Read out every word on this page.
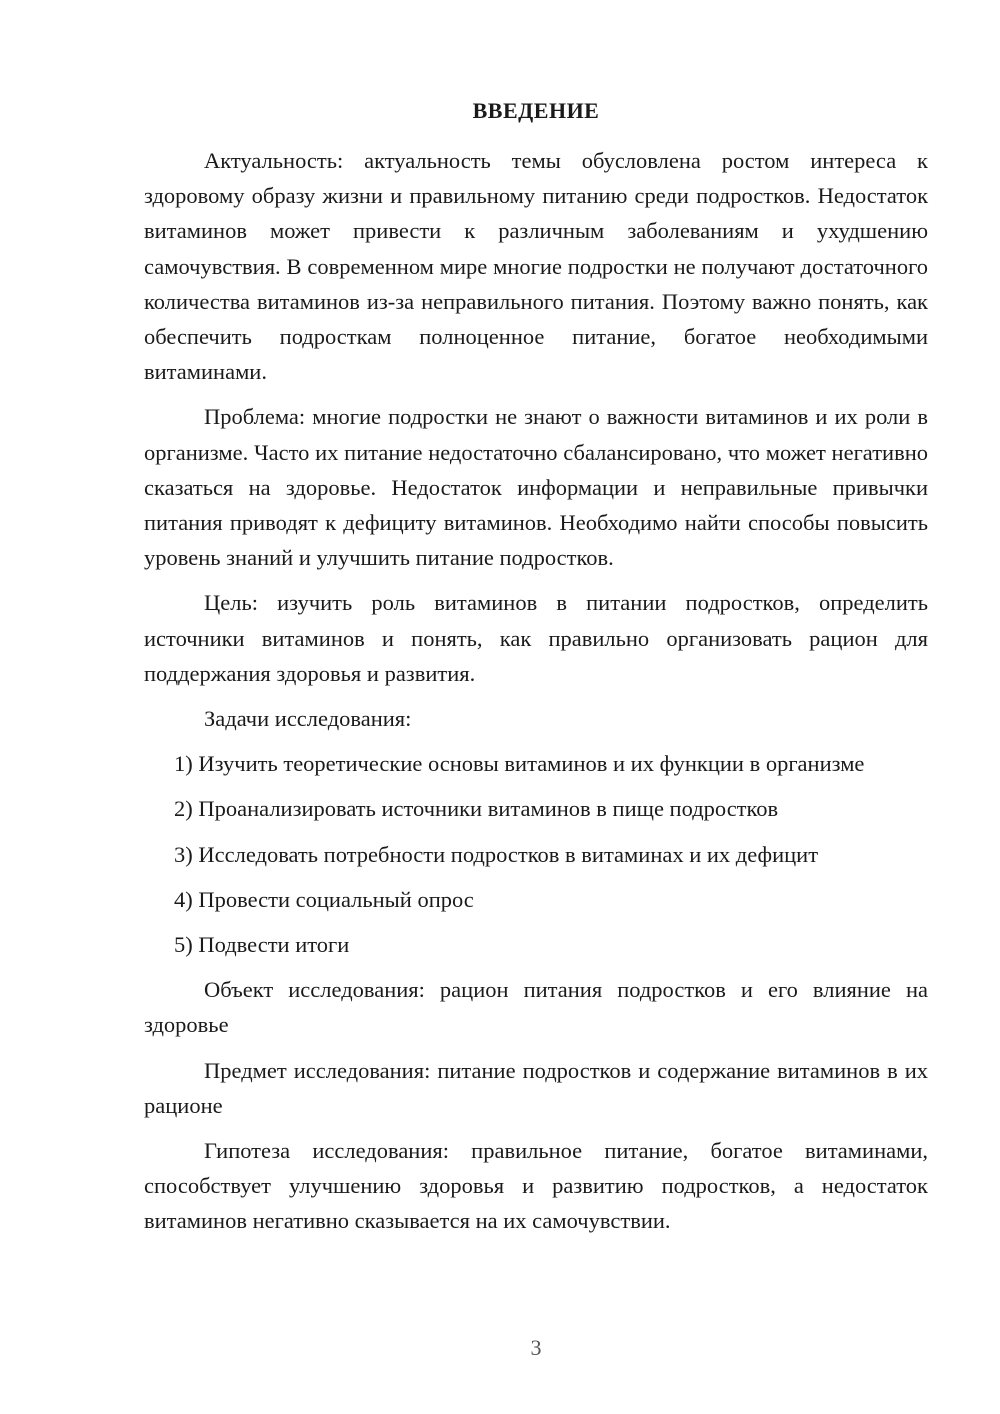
ВВЕДЕНИЕ

Актуальность: актуальность темы обусловлена ростом интереса к здоровому образу жизни и правильному питанию среди подростков. Недостаток витаминов может привести к различным заболеваниям и ухудшению самочувствия. В современном мире многие подростки не получают достаточного количества витаминов из-за неправильного питания. Поэтому важно понять, как обеспечить подросткам полноценное питание, богатое необходимыми витаминами.

Проблема: многие подростки не знают о важности витаминов и их роли в организме. Часто их питание недостаточно сбалансировано, что может негативно сказаться на здоровье. Недостаток информации и неправильные привычки питания приводят к дефициту витаминов. Необходимо найти способы повысить уровень знаний и улучшить питание подростков.

Цель: изучить роль витаминов в питании подростков, определить источники витаминов и понять, как правильно организовать рацион для поддержания здоровья и развития.

Задачи исследования:

1) Изучить теоретические основы витаминов и их функции в организме

2) Проанализировать источники витаминов в пище подростков

3) Исследовать потребности подростков в витаминах и их дефицит

4) Провести социальный опрос

5) Подвести итоги

Объект исследования: рацион питания подростков и его влияние на здоровье

Предмет исследования: питание подростков и содержание витаминов в их рационе

Гипотеза исследования: правильное питание, богатое витаминами, способствует улучшению здоровья и развитию подростков, а недостаток витаминов негативно сказывается на их самочувствии.

3
